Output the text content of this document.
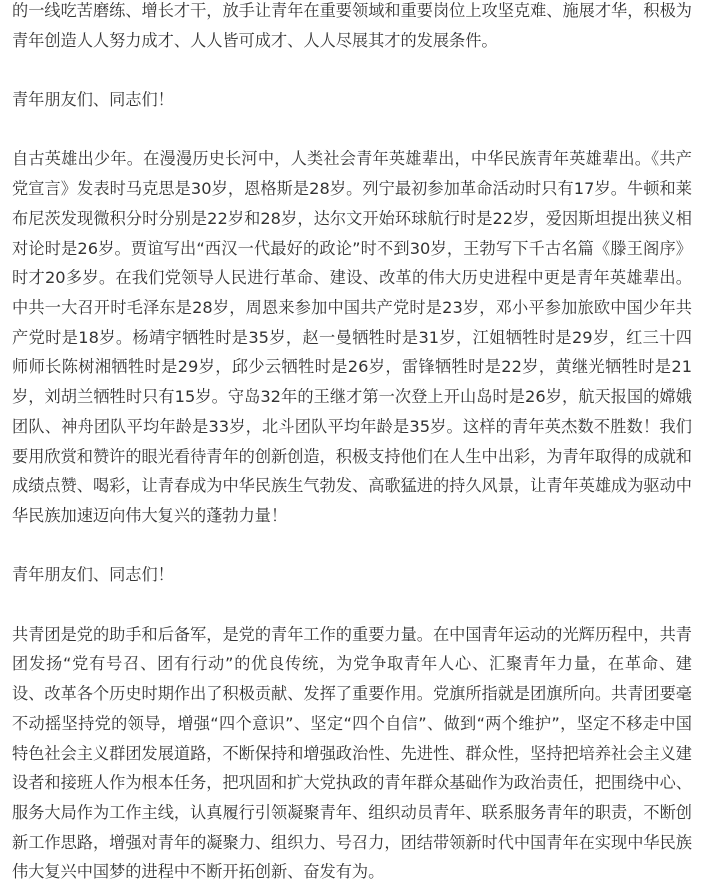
的一线吃苦磨练、增长才干，放手让青年在重要领域和重要岗位上攻坚克难、施展才华，积极为青年创造人人努力成才、人人皆可成才、人人尽展其才的发展条件。

青年朋友们、同志们！

自古英雄出少年。在漫漫历史长河中，人类社会青年英雄辈出，中华民族青年英雄辈出。《共产党宣言》发表时马克思是30岁，恩格斯是28岁。列宁最初参加革命活动时只有17岁。牛顿和莱布尼茨发现微积分时分别是22岁和28岁，达尔文开始环球航行时是22岁，爱因斯坦提出狭义相对论时是26岁。贾谊写出“西汉一代最好的政论”时不到30岁，王勃写下千古名篇《滕王阁序》时才20多岁。在我们党领导人民进行革命、建设、改革的伟大历史进程中更是青年英雄辈出。中共一大召开时毛泽东是28岁，周恩来参加中国共产党时是23岁，邓小平参加旅欧中国少年共产党时是18岁。杨靖宇牺牲时是35岁，赵一曼牺牲时是31岁，江姐牺牲时是29岁，红三十四师师长陈树湘牺牲时是29岁，邱少云牺牲时是26岁，雷锋牺牲时是22岁，黄继光牺牲时是21岁，刘胡兰牺牲时只有15岁。守岛32年的王继才第一次登上开山岛时是26岁，航天报国的嫦娥团队、神舟团队平均年龄是33岁，北斗团队平均年龄是35岁。这样的青年英杰数不胜数！我们要用欣赏和赞许的眼光看待青年的创新创造，积极支持他们在人生中出彩，为青年取得的成就和成绩点赞、喝彩，让青春成为中华民族生气勃发、高歌猛进的持久风景，让青年英雄成为驱动中华民族加速迈向伟大复兴的蓬勃力量！

青年朋友们、同志们！

共青团是党的助手和后备军，是党的青年工作的重要力量。在中国青年运动的光辉历程中，共青团发扬“党有号召、团有行动”的优良传统，为党争取青年人心、汇聚青年力量，在革命、建设、改革各个历史时期作出了积极贡献、发挥了重要作用。党旗所指就是团旗所向。共青团要毫不动摇坚持党的领导，增强“四个意识”、坚定“四个自信”、做到“两个维护”，坚定不移走中国特色社会主义群团发展道路，不断保持和增强政治性、先进性、群众性，坚持把培养社会主义建设者和接班人作为根本任务，把巩固和扩大党执政的青年群众基础作为政治责任，把围绕中心、服务大局作为工作主线，认真履行引领凝聚青年、组织动员青年、联系服务青年的职责，不断创新工作思路，增强对青年的凝聚力、组织力、号召力，团结带领新时代中国青年在实现中华民族伟大复兴中国梦的进程中不断开拓创新、奋发有为。
